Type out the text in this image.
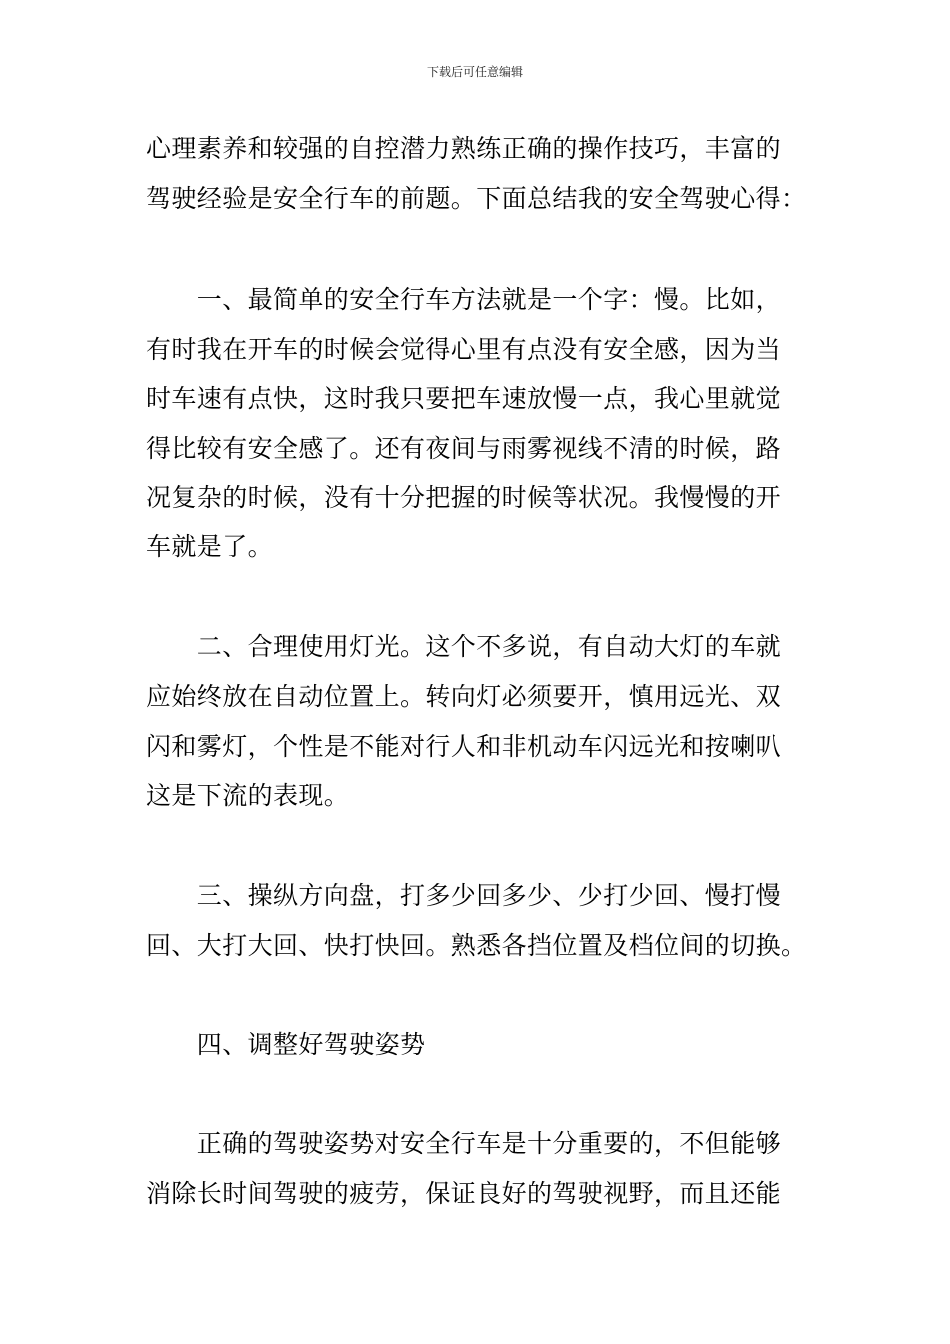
下载后可任意编辑
心理素养和较强的自控潜力熟练正确的操作技巧，丰富的
驾驶经验是安全行车的前题。下面总结我的安全驾驶心得：
　　一、最简单的安全行车方法就是一个字：慢。比如，
有时我在开车的时候会觉得心里有点没有安全感，因为当
时车速有点快，这时我只要把车速放慢一点，我心里就觉
得比较有安全感了。还有夜间与雨雾视线不清的时候，路
况复杂的时候，没有十分把握的时候等状况。我慢慢的开
车就是了。
　　二、合理使用灯光。这个不多说，有自动大灯的车就
应始终放在自动位置上。转向灯必须要开，慎用远光、双
闪和雾灯，个性是不能对行人和非机动车闪远光和按喇叭
这是下流的表现。
　　三、操纵方向盘，打多少回多少、少打少回、慢打慢
回、大打大回、快打快回。熟悉各挡位置及档位间的切换。
　　四、调整好驾驶姿势
　　正确的驾驶姿势对安全行车是十分重要的，不但能够
消除长时间驾驶的疲劳，保证良好的驾驶视野，而且还能
